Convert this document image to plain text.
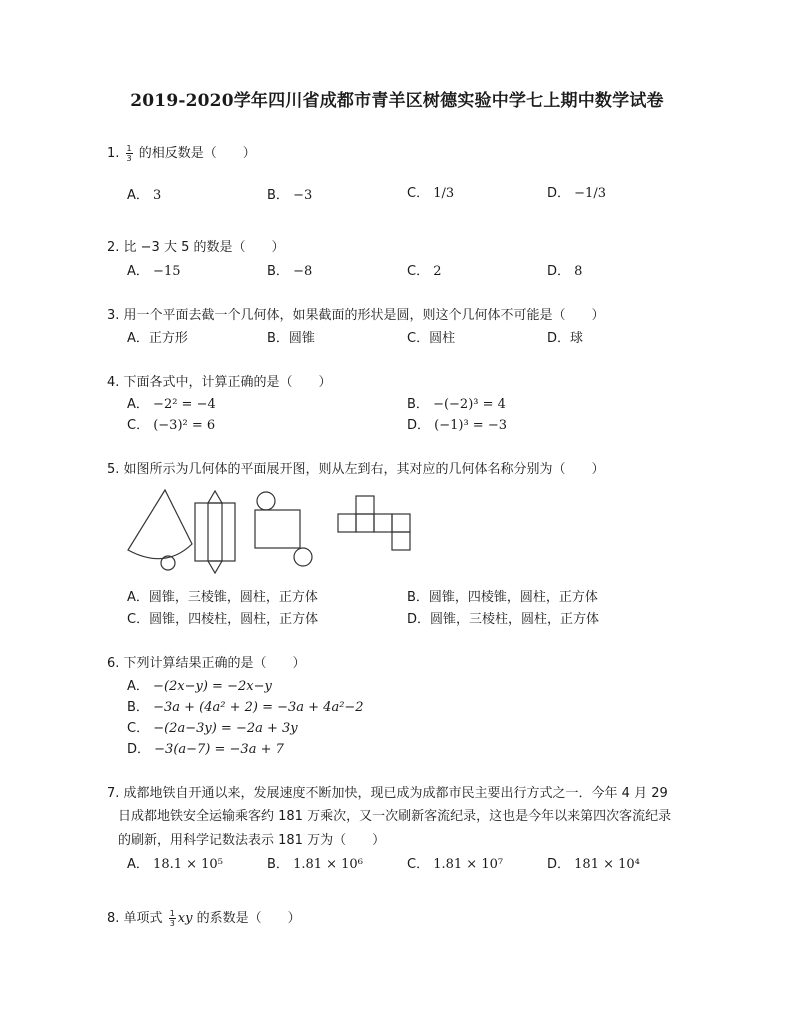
2019-2020学年四川省成都市青羊区树德实验中学七上期中数学试卷
1. $\frac{1}{3}$ 的相反数是（　　）
A． 3	B． −3	C． 1/3	D． −1/3
2. 比 −3 大 5 的数是（　　）
A． −15	B． −8	C． 2	D． 8
3. 用一个平面去截一个几何体，如果截面的形状是圆，则这个几何体不可能是（　　）
A．正方形	B．圆锥	C．圆柱	D．球
4. 下面各式中，计算正确的是（　　）
A． −2² = −4	B． −(−2)³ = 4
C． (−3)² = 6	D． (−1)³ = −3
5. 如图所示为几何体的平面展开图，则从左到右，其对应的几何体名称分别为（　　）
A．圆锥，三棱锥，圆柱，正方体	B．圆锥，四棱锥，圆柱，正方体
C．圆锥，四棱柱，圆柱，正方体	D．圆锥，三棱柱，圆柱，正方体
6. 下列计算结果正确的是（　　）
A． −(2x−y) = −2x−y
B． −3a + (4a² + 2) = −3a + 4a²−2
C． −(2a−3y) = −2a + 3y
D． −3(a−7) = −3a + 7
7. 成都地铁自开通以来，发展速度不断加快，现已成为成都市民主要出行方式之一．今年 4 月 29
日成都地铁安全运输乘客约 181 万乘次，又一次刷新客流纪录，这也是今年以来第四次客流纪录
的刷新，用科学记数法表示 181 万为（　　）
A． 18.1 × 10⁵	B． 1.81 × 10⁶	C． 1.81 × 10⁷	D． 181 × 10⁴
8. 单项式 $\frac{1}{3}$ xy 的系数是（　　）
